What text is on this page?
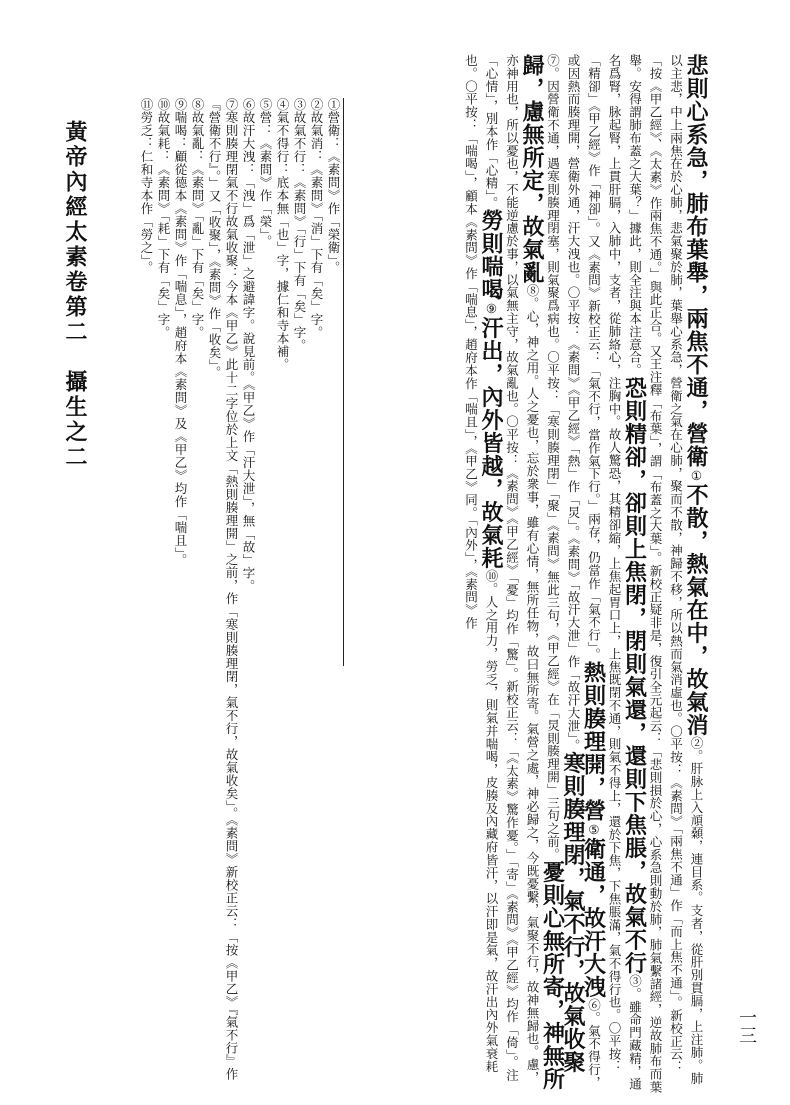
黃帝內經太素卷第二　攝生之二	悲則心系急，肺布葉舉，兩焦不通，營衛①不散，熱氣在中，故氣消②。肝脉上入頏顙，連目系。支者，從肝別貫膈，上注肺。肺以主悲，中上兩焦在於心肺，悲氣聚於肺，葉舉心系急，營衛之氣在心肺，聚而不散，神歸不移，所以熱而氣消虛也。〇平按：《素問》「兩焦不通」作「而上焦不通」。新校正云：「按《甲乙經》、《太素》作兩焦不通。」與此正合。又王注釋「布葉」，謂「布蓋之大葉」。新校正疑非是，復引全元起云：「悲則損於心，心系急則動於肺，肺氣繫諸經，逆故肺布而葉舉。安得謂肺布蓋之大葉？」據此，則全注與本注意合。恐則精卻，卻則上焦閉，閉則氣還，還則下焦脹，故氣不行③。雖命門藏精，通名爲腎，脉起腎，上貫肝膈，入肺中，支者，從肺絡心，注胸中。故人驚恐，其精卻縮，上焦起胃口上，上焦既閉不通，則氣不得上，還於下焦，下焦脹滿，氣不得行也。〇平按：「精卻」《甲乙經》作「神卻」。又《素問》新校正云：「氣不行，當作氣下行。」兩存，仍當作「氣不行」。熱則腠理開，營⑤衛通，故汗大洩⑥。氣不得行，或因熱而腠理開，營衛外通，汗大洩也。〇平按：《素問》《甲乙經》「熱」作「炅」。《素問》「故汗大泄」作「故汗大泄」。寒則腠理閉，氣不行，故氣收聚⑦。因營衛不通，遇寒則腠理閉塞，則氣聚爲病也。〇平按：「寒則腠理閉」「聚」《素問》無此三句，《甲乙經》在「炅則腠理開」三句之前。憂則心無所寄，神無所歸，慮無所定，故氣亂⑧。心，神之用。人之憂也，忘於衆事，雖有心情，無所任物，故曰無所寄。氣營之處，神必歸之，今既憂繫，氣聚不行，故神無歸也。慮，亦神用也，所以憂也，不能逆慮於事，以氣無主守，故氣亂也。〇平按：《素問》《甲乙經》「憂」均作「驚」。新校正云：「《太素》驚作憂。」「寄」《素問》《甲乙經》均作「倚」。注「心情」，別本作「心精」。勞則喘喝⑨汗出，內外皆越，故氣耗⑩。人之用力，勞乏，則氣并喘喝，皮腠及內藏府皆汗，以汗即是氣，故汗出內外氣衰耗也。〇平按：「喘喝」，顧本《素問》作「喘息」，趙府本作「喘且」，《甲乙》同。「內外」，《素問》作
①營衛：《素問》作「榮衛」。
②故氣消：《素問》「消」下有「矣」字。
③故氣不行：《素問》「行」下有「矣」字。
④氣不得行：底本無「也」字，據仁和寺本補。
⑤營：《素問》作「榮」。
⑥故汗大洩：「洩」爲「泄」之避諱字。說見前。《甲乙》作「汗大泄」，無「故」字。
⑦寒則腠理閉氣不行故氣收聚：今本《甲乙》此十二字位於上文「熱則腠理開」之前，作「寒則腠理閉，氣不行，故氣收矣」。《素問》新校正云：「按《甲乙》『氣不行』作『營衛不行』。」又「收聚」，《素問》作「收矣」。
⑧故氣亂：《素問》「亂」下有「矣」字。
⑨喘喝：顧從德本《素問》作「喘息」，趙府本《素問》及《甲乙》均作「喘且」。
⑩故氣耗：《素問》「耗」下有「矣」字。
⑪勞乏：仁和寺本作「勞之」。
一三
